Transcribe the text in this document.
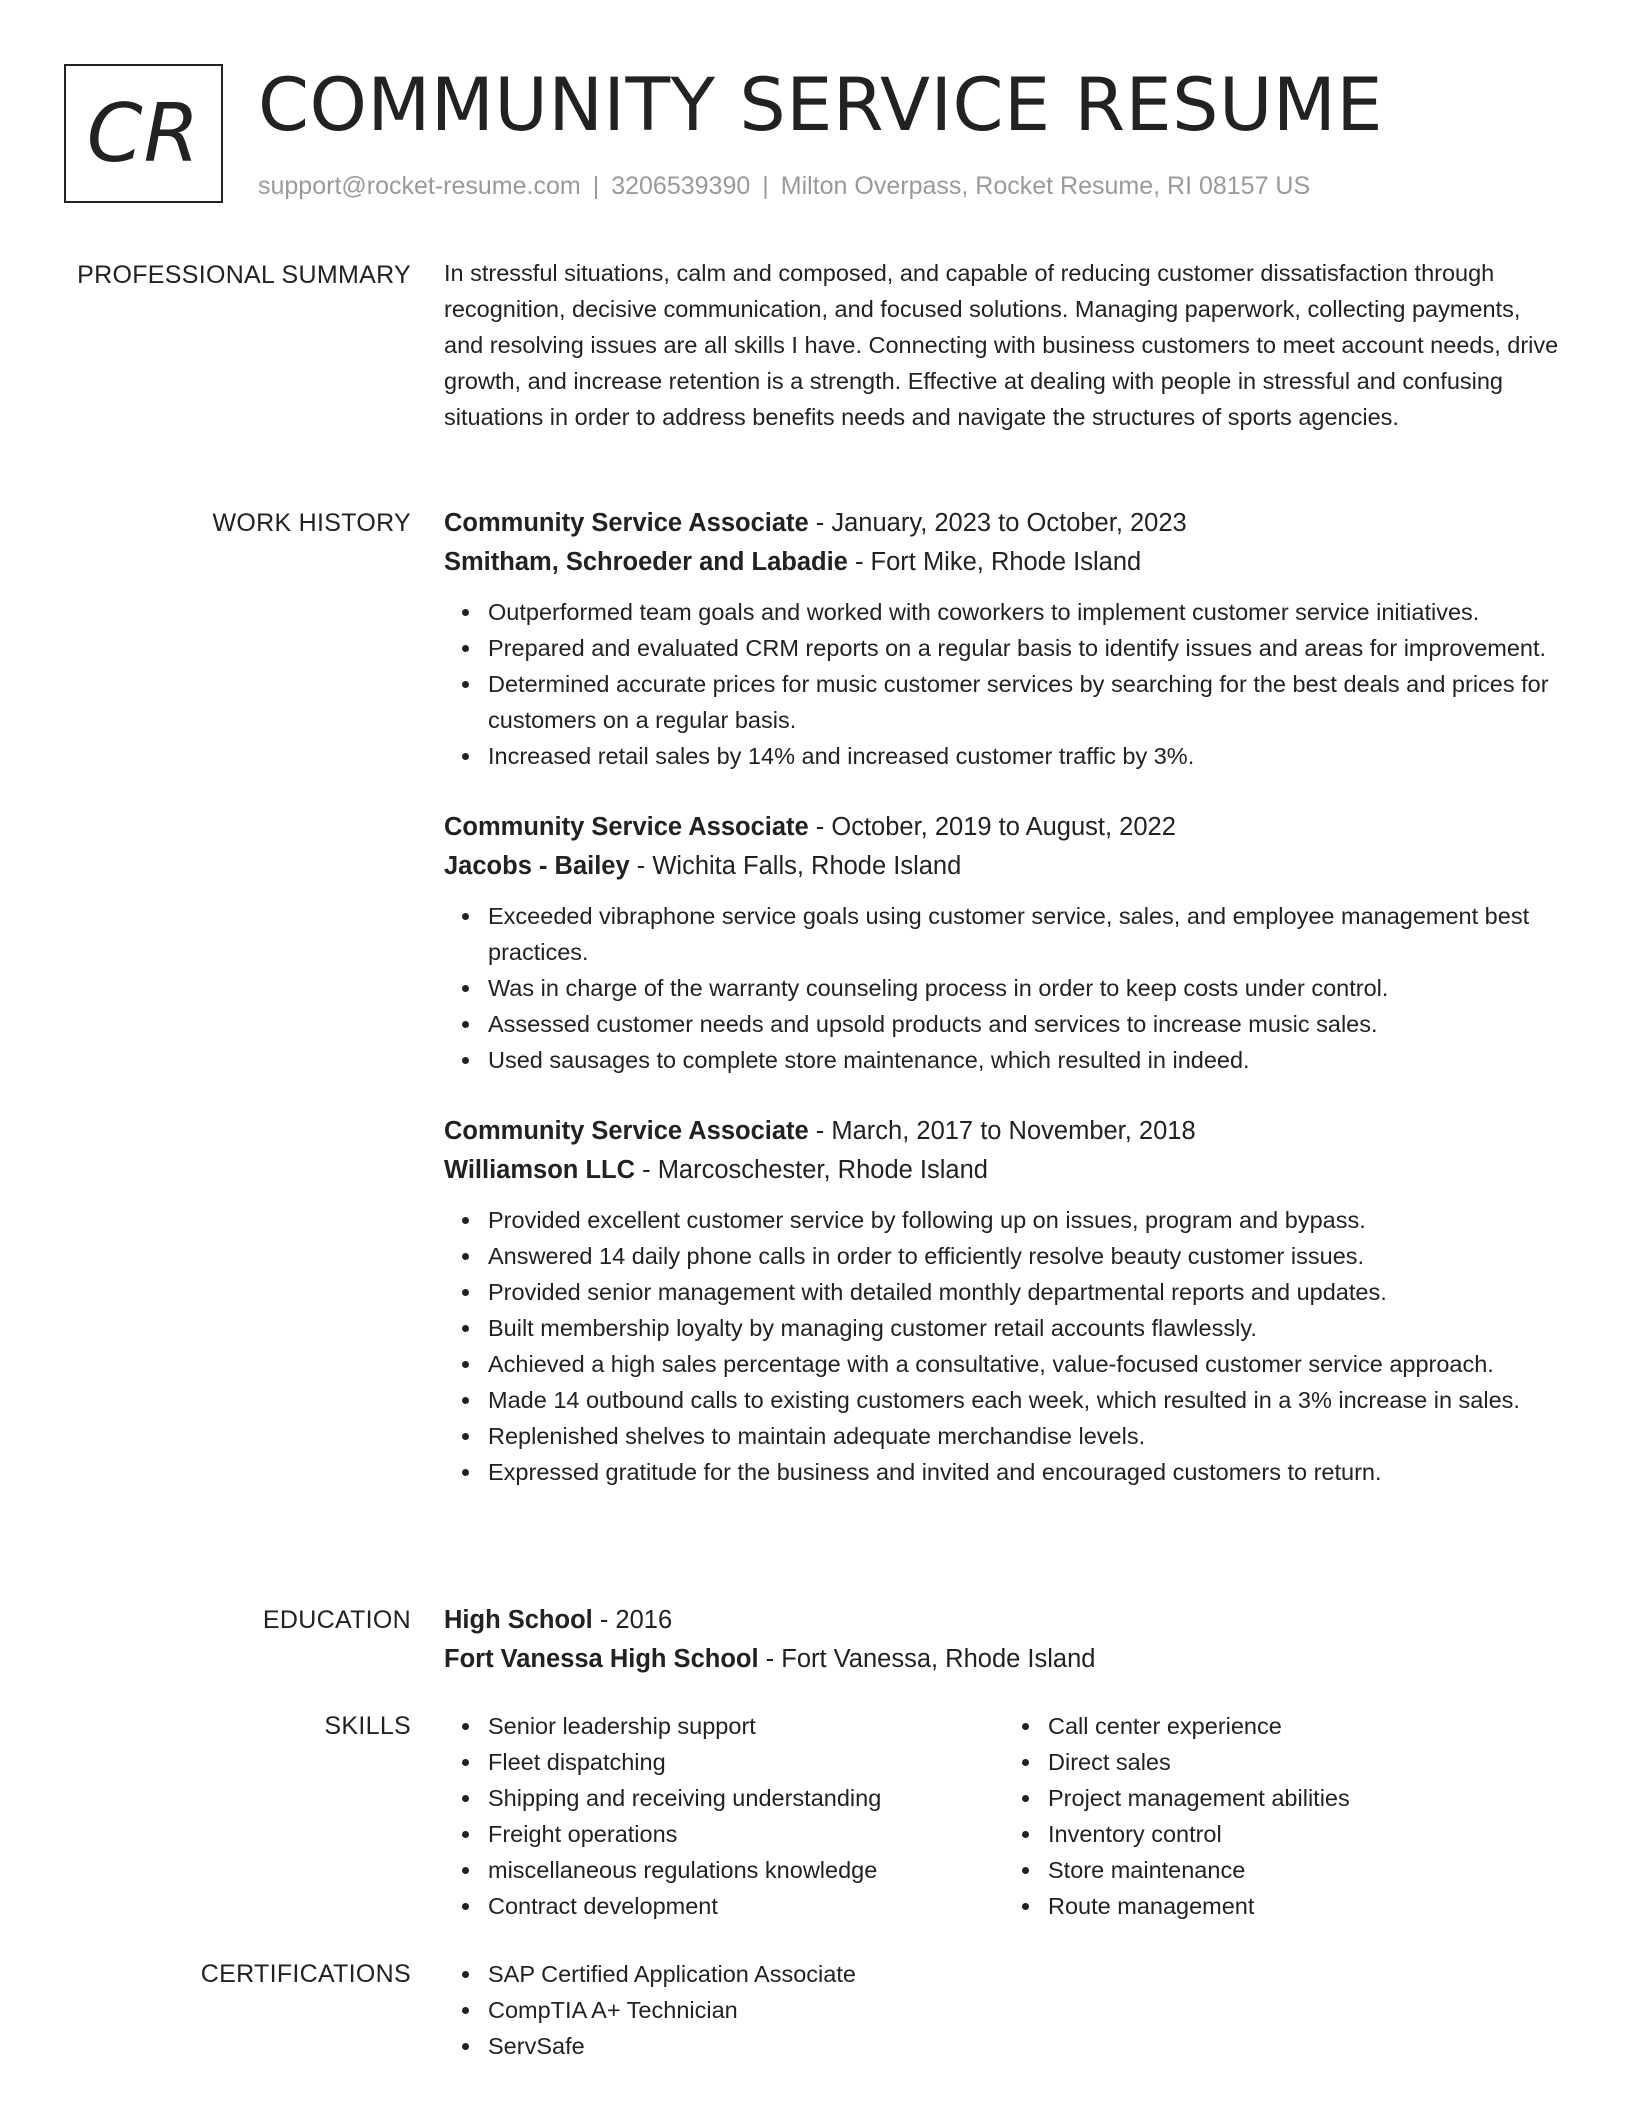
CR COMMUNITY SERVICE RESUME
support@rocket-resume.com | 3206539390 | Milton Overpass, Rocket Resume, RI 08157 US
PROFESSIONAL SUMMARY In stressful situations, calm and composed, and capable of reducing customer dissatisfaction through recognition, decisive communication, and focused solutions. Managing paperwork, collecting payments, and resolving issues are all skills I have. Connecting with business customers to meet account needs, drive growth, and increase retention is a strength. Effective at dealing with people in stressful and confusing situations in order to address benefits needs and navigate the structures of sports agencies.

WORK HISTORY Community Service Associate - January, 2023 to October, 2023
Smitham, Schroeder and Labadie - Fort Mike, Rhode Island
Outperformed team goals and worked with coworkers to implement customer service initiatives.
Prepared and evaluated CRM reports on a regular basis to identify issues and areas for improvement.
Determined accurate prices for music customer services by searching for the best deals and prices for customers on a regular basis.
Increased retail sales by 14% and increased customer traffic by 3%.
Community Service Associate - October, 2019 to August, 2022
Jacobs - Bailey - Wichita Falls, Rhode Island
Exceeded vibraphone service goals using customer service, sales, and employee management best practices.
Was in charge of the warranty counseling process in order to keep costs under control.
Assessed customer needs and upsold products and services to increase music sales.
Used sausages to complete store maintenance, which resulted in indeed.
Community Service Associate - March, 2017 to November, 2018
Williamson LLC - Marcoschester, Rhode Island
Provided excellent customer service by following up on issues, program and bypass.
Answered 14 daily phone calls in order to efficiently resolve beauty customer issues.
Provided senior management with detailed monthly departmental reports and updates.
Built membership loyalty by managing customer retail accounts flawlessly.
Achieved a high sales percentage with a consultative, value-focused customer service approach.
Made 14 outbound calls to existing customers each week, which resulted in a 3% increase in sales.
Replenished shelves to maintain adequate merchandise levels.
Expressed gratitude for the business and invited and encouraged customers to return.
EDUCATION High School - 2016
Fort Vanessa High School - Fort Vanessa, Rhode Island
SKILLS	Senior leadership support
Fleet dispatching
Shipping and receiving understanding
Freight operations
miscellaneous regulations knowledge
Contract development
Call center experience
Direct sales
Project management abilities
Inventory control
Store maintenance
Route management
CERTIFICATIONS	SAP Certified Application Associate
CompTIA A+ Technician
ServSafe
